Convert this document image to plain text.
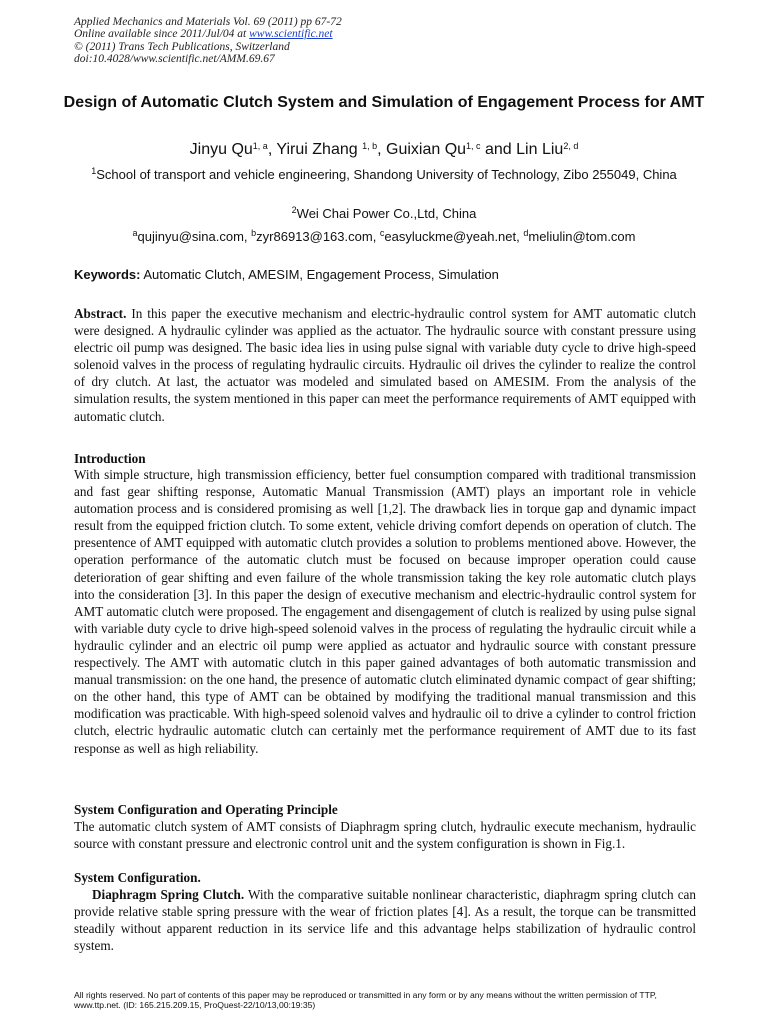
Applied Mechanics and Materials Vol. 69 (2011) pp 67-72
Online available since 2011/Jul/04 at www.scientific.net
© (2011) Trans Tech Publications, Switzerland
doi:10.4028/www.scientific.net/AMM.69.67
Design of Automatic Clutch System and Simulation of Engagement Process for AMT
Jinyu Qu$^{1, a}$, Yirui Zhang $^{1, b}$, Guixian Qu$^{1, c}$ and Lin Liu$^{2, d}$
$^1$School of transport and vehicle engineering, Shandong University of Technology, Zibo 255049, China
$^2$Wei Chai Power Co.,Ltd, China
$^a$qujinyu@sina.com, $^b$zyr86913@163.com, $^c$easyluckme@yeah.net, $^d$meliulin@tom.com
Keywords: Automatic Clutch, AMESIM, Engagement Process, Simulation
Abstract. In this paper the executive mechanism and electric-hydraulic control system for AMT automatic clutch were designed. A hydraulic cylinder was applied as the actuator. The hydraulic source with constant pressure using electric oil pump was designed. The basic idea lies in using pulse signal with variable duty cycle to drive high-speed solenoid valves in the process of regulating hydraulic circuits. Hydraulic oil drives the cylinder to realize the control of dry clutch. At last, the actuator was modeled and simulated based on AMESIM. From the analysis of the simulation results, the system mentioned in this paper can meet the performance requirements of AMT equipped with automatic clutch.
Introduction
With simple structure, high transmission efficiency, better fuel consumption compared with traditional transmission and fast gear shifting response, Automatic Manual Transmission (AMT) plays an important role in vehicle automation process and is considered promising as well [1,2]. The drawback lies in torque gap and dynamic impact result from the equipped friction clutch. To some extent, vehicle driving comfort depends on operation of clutch. The presentence of AMT equipped with automatic clutch provides a solution to problems mentioned above. However, the operation performance of the automatic clutch must be focused on because improper operation could cause deterioration of gear shifting and even failure of the whole transmission taking the key role automatic clutch plays into the consideration [3]. In this paper the design of executive mechanism and electric-hydraulic control system for AMT automatic clutch were proposed. The engagement and disengagement of clutch is realized by using pulse signal with variable duty cycle to drive high-speed solenoid valves in the process of regulating the hydraulic circuit while a hydraulic cylinder and an electric oil pump were applied as actuator and hydraulic source with constant pressure respectively. The AMT with automatic clutch in this paper gained advantages of both automatic transmission and manual transmission: on the one hand, the presence of automatic clutch eliminated dynamic compact of gear shifting; on the other hand, this type of AMT can be obtained by modifying the traditional manual transmission and this modification was practicable. With high-speed solenoid valves and hydraulic oil to drive a cylinder to control friction clutch, electric hydraulic automatic clutch can certainly met the performance requirement of AMT due to its fast response as well as high reliability.
System Configuration and Operating Principle
The automatic clutch system of AMT consists of Diaphragm spring clutch, hydraulic execute mechanism, hydraulic source with constant pressure and electronic control unit and the system configuration is shown in Fig.1.
System Configuration.
Diaphragm Spring Clutch. With the comparative suitable nonlinear characteristic, diaphragm spring clutch can provide relative stable spring pressure with the wear of friction plates [4]. As a result, the torque can be transmitted steadily without apparent reduction in its service life and this advantage helps stabilization of hydraulic control system.
All rights reserved. No part of contents of this paper may be reproduced or transmitted in any form or by any means without the written permission of TTP, www.ttp.net. (ID: 165.215.209.15, ProQuest-22/10/13,00:19:35)
